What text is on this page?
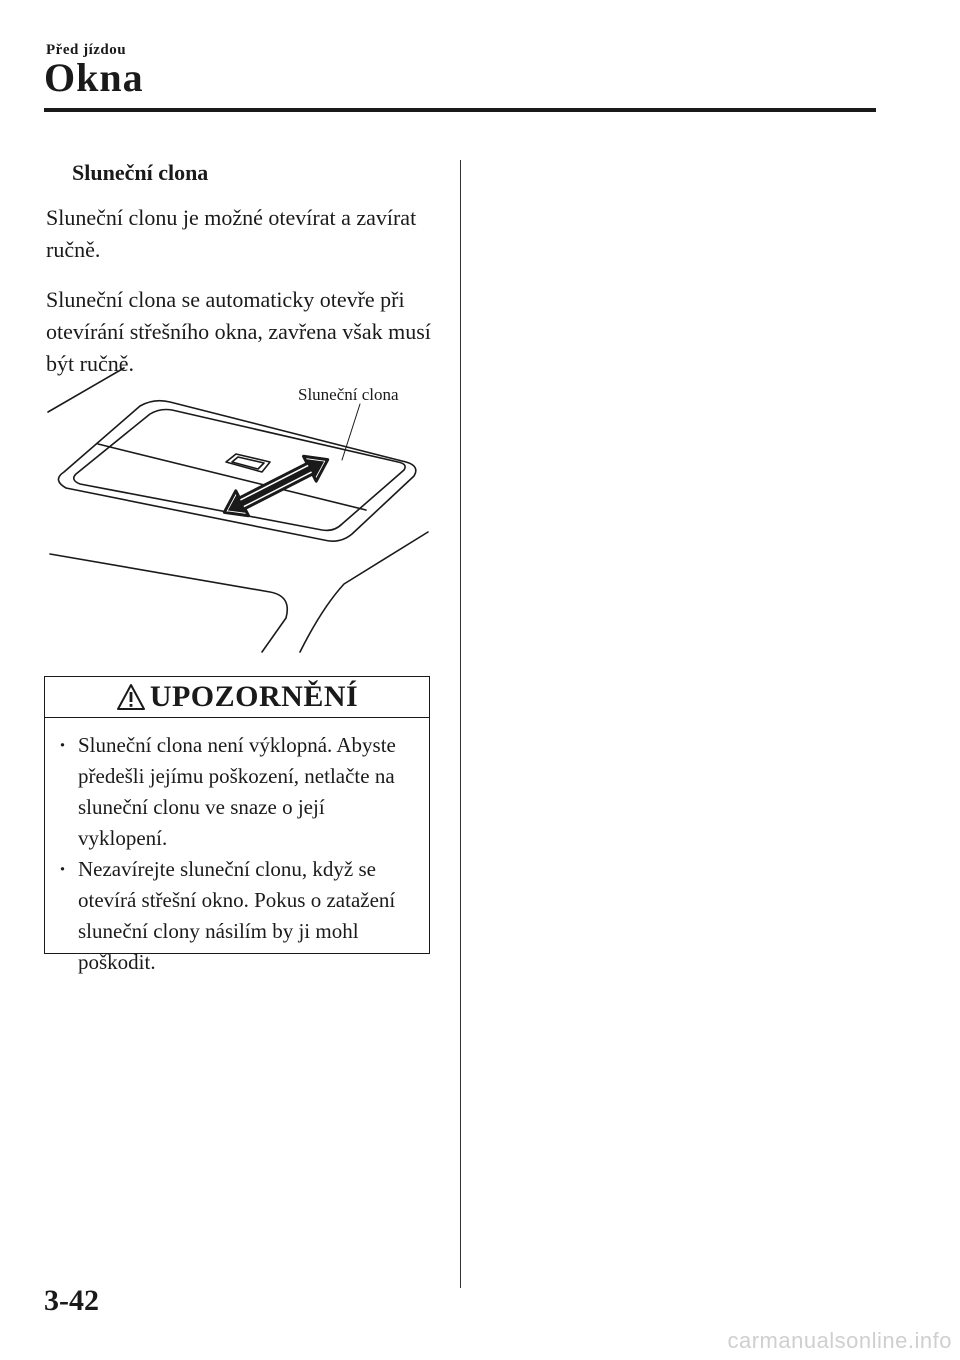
Před jízdou
Okna
Sluneční clona

Sluneční clonu je možné otevírat a zavírat ručně.

Sluneční clona se automaticky otevře při otevírání střešního okna, zavřena však musí být ručně.

Sluneční clona
UPOZORNĚNÍ
· Sluneční clona není výklopná. Abyste předešli jejímu poškození, netlačte na sluneční clonu ve snaze o její vyklopení.
· Nezavírejte sluneční clonu, když se otevírá střešní okno. Pokus o zatažení sluneční clony násilím by ji mohl poškodit.
3-42
carmanualsonline.info
